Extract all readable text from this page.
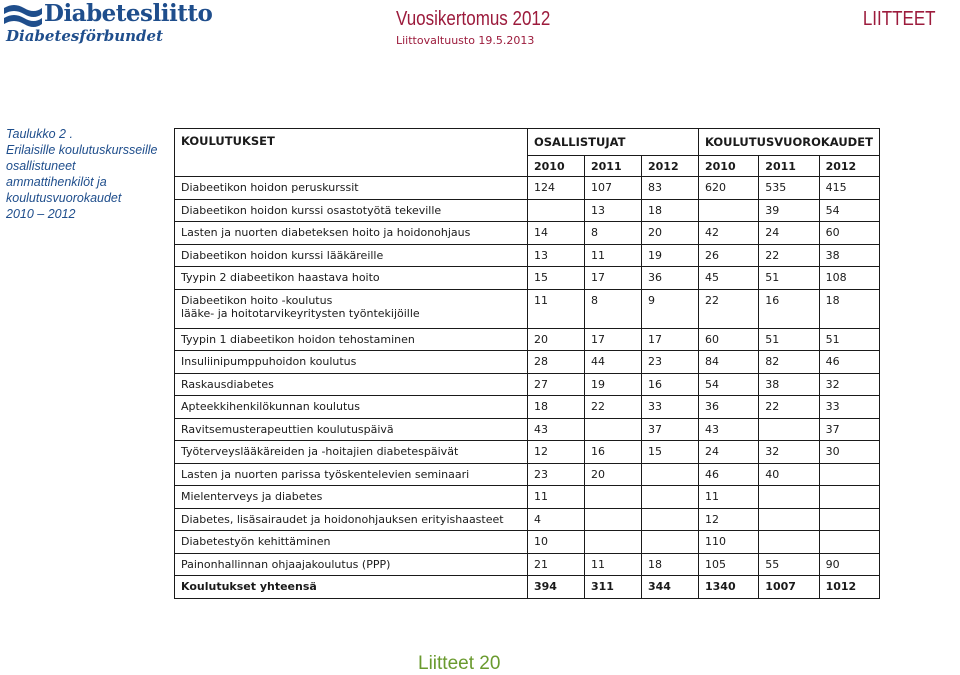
Diabetesliitto
Diabetesförbundet
Vuosikertomus 2012
Liittovaltuusto 19.5.2013
LIITTEET
Taulukko 2 .
Erilaisille koulutuskursseille
osallistuneet
ammattihenkilöt ja
koulutusvuorokaudet
2010 – 2012
KOULUTUKSET	OSALLISTUJAT			KOULUTUSVUOROKAUDET		
	2010	2011	2012	2010	2011	2012

Diabeetikon hoidon peruskurssit	124	107	83	620	535	415

Diabeetikon hoidon kurssi osastotyötä tekeville		13	18		39	54

Lasten ja nuorten diabeteksen hoito ja hoidonohjaus	14	8	20	42	24	60

Diabeetikon hoidon kurssi lääkäreille	13	11	19	26	22	38

Tyypin 2 diabeetikon haastava hoito	15	17	36	45	51	108

Diabeetikon hoito -koulutus
lääke- ja hoitotarvikeyritysten työntekijöille	11	8	9	22	16	18

Tyypin 1 diabeetikon hoidon tehostaminen	20	17	17	60	51	51

Insuliinipumppuhoidon koulutus	28	44	23	84	82	46

Raskausdiabetes	27	19	16	54	38	32

Apteekkihenkilökunnan koulutus	18	22	33	36	22	33

Ravitsemusterapeuttien koulutuspäivä	43		37	43		37

Työterveyslääkäreiden ja -hoitajien diabetespäivät	12	16	15	24	32	30

Lasten ja nuorten parissa työskentelevien seminaari	23	20		46	40	

Mielenterveys ja diabetes	11			11		

Diabetes, lisäsairaudet ja hoidonohjauksen erityishaasteet	4			12		

Diabetestyön kehittäminen	10			110		

Painonhallinnan ohjaajakoulutus (PPP)	21	11	18	105	55	90
Koulutukset yhteensä	394	311	344	1340	1007	1012
Liitteet 20
